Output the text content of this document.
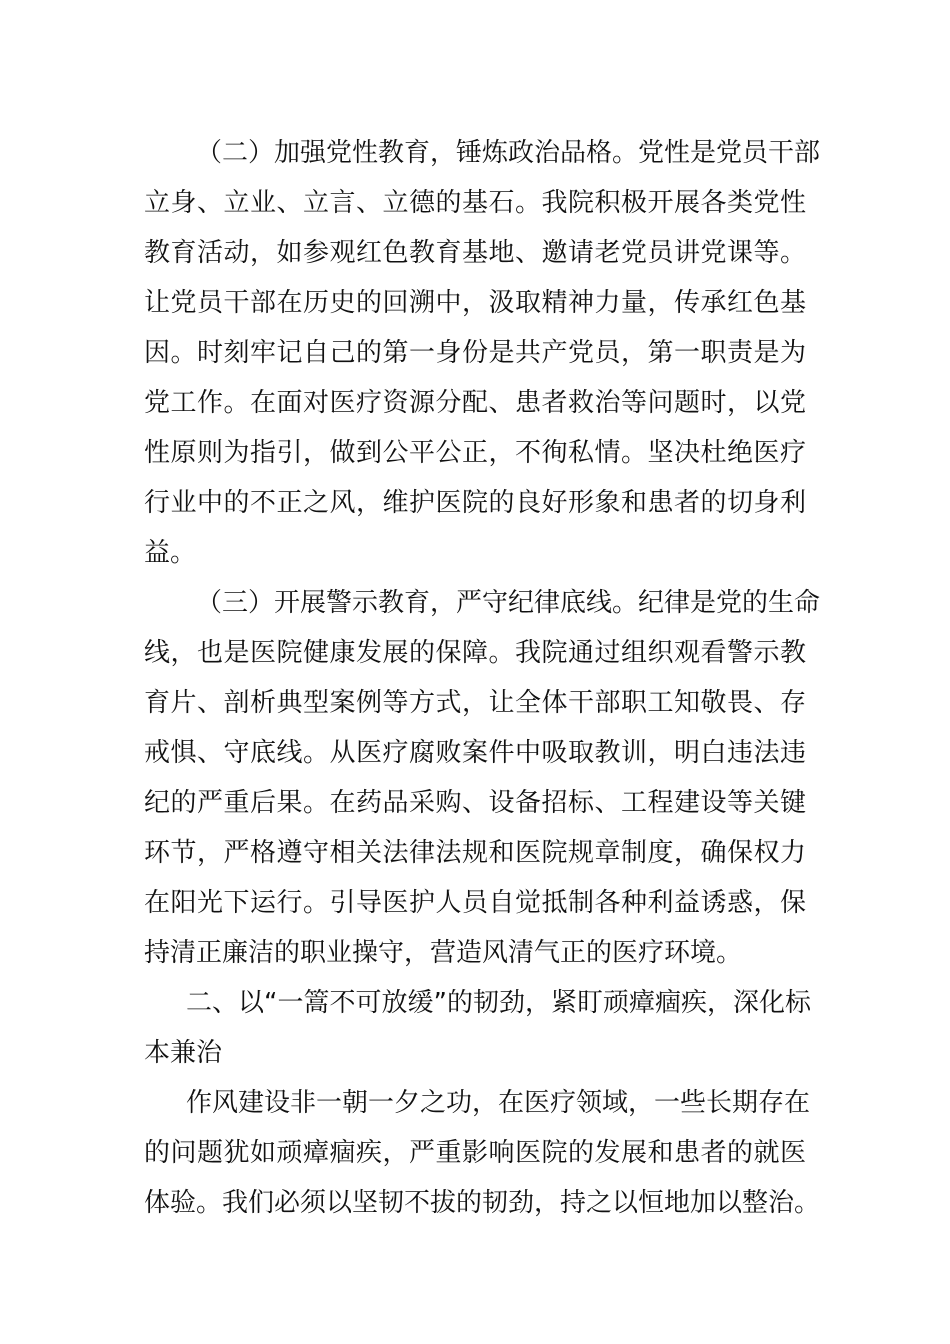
（二）加强党性教育，锤炼政治品格。党性是党员干部
立身、立业、立言、立德的基石。我院积极开展各类党性
教育活动，如参观红色教育基地、邀请老党员讲党课等。
让党员干部在历史的回溯中，汲取精神力量，传承红色基
因。时刻牢记自己的第一身份是共产党员，第一职责是为
党工作。在面对医疗资源分配、患者救治等问题时，以党
性原则为指引，做到公平公正，不徇私情。坚决杜绝医疗
行业中的不正之风，维护医院的良好形象和患者的切身利
益。
（三）开展警示教育，严守纪律底线。纪律是党的生命
线，也是医院健康发展的保障。我院通过组织观看警示教
育片、剖析典型案例等方式，让全体干部职工知敬畏、存
戒惧、守底线。从医疗腐败案件中吸取教训，明白违法违
纪的严重后果。在药品采购、设备招标、工程建设等关键
环节，严格遵守相关法律法规和医院规章制度，确保权力
在阳光下运行。引导医护人员自觉抵制各种利益诱惑，保
持清正廉洁的职业操守，营造风清气正的医疗环境。
二、以“一篙不可放缓”的韧劲，紧盯顽瘴痼疾，深化标
本兼治
作风建设非一朝一夕之功，在医疗领域，一些长期存在
的问题犹如顽瘴痼疾，严重影响医院的发展和患者的就医
体验。我们必须以坚韧不拔的韧劲，持之以恒地加以整治。
